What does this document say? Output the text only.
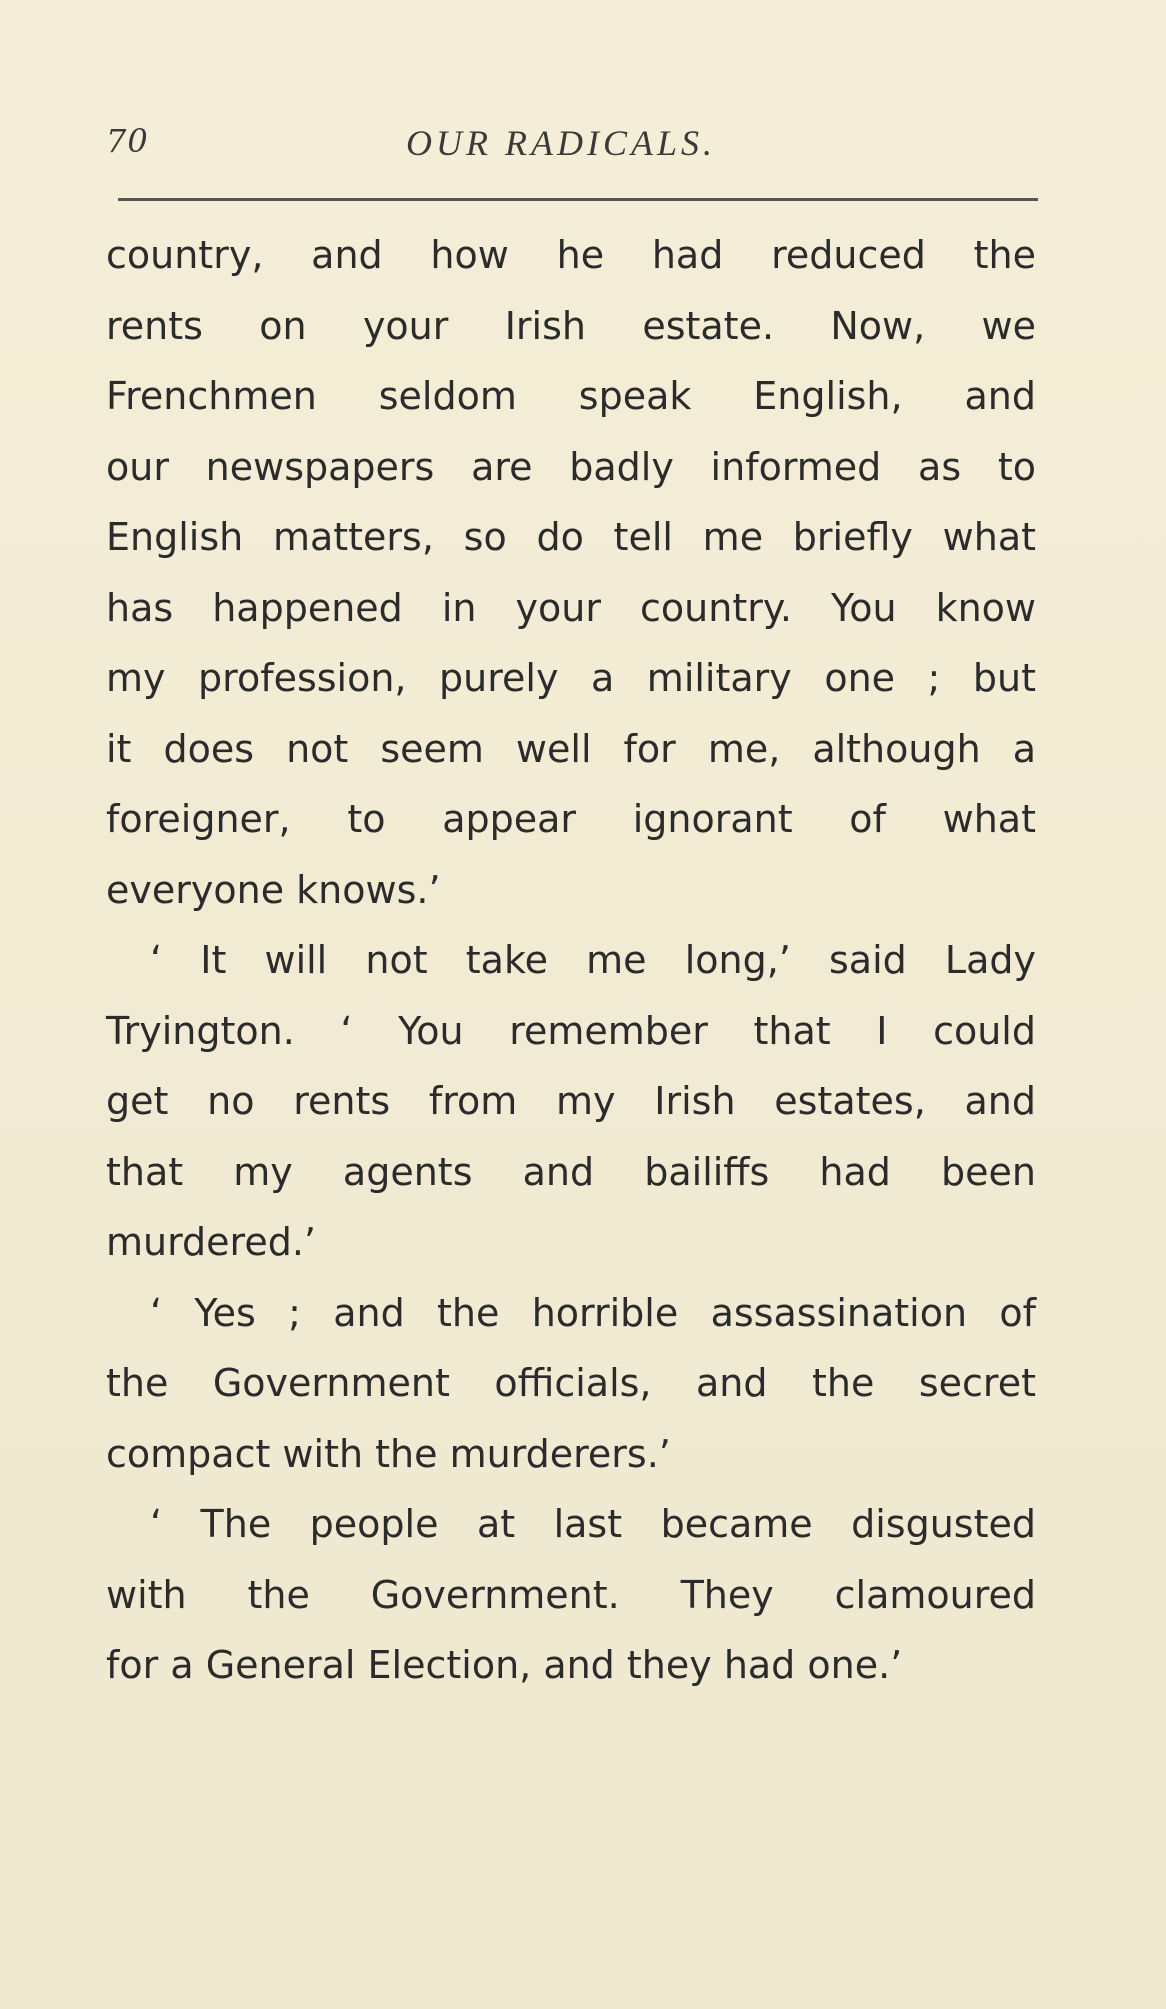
70	OUR RADICALS.
country, and how he had reduced the
rents on your Irish estate. Now, we
Frenchmen seldom speak English, and
our newspapers are badly informed as to
English matters, so do tell me briefly what
has happened in your country. You know
my profession, purely a military one ; but
it does not seem well for me, although a
foreigner, to appear ignorant of what
everyone knows.’
‘ It will not take me long,’ said Lady
Tryington. ‘ You remember that I could
get no rents from my Irish estates, and
that my agents and bailiffs had been
murdered.’
‘ Yes ; and the horrible assassination of
the Government officials, and the secret
compact with the murderers.’
‘ The people at last became disgusted
with the Government. They clamoured
for a General Election, and they had one.’
